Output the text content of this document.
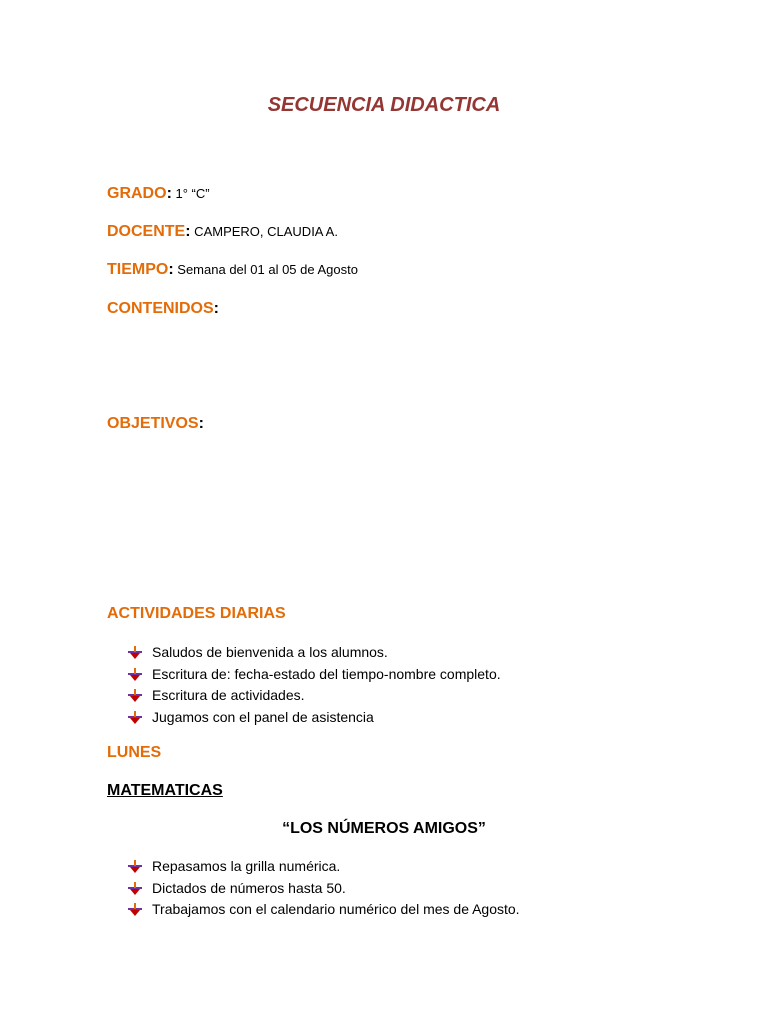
SECUENCIA DIDACTICA
GRADO: 1° “C”
DOCENTE: CAMPERO, CLAUDIA A.
TIEMPO: Semana del 01 al 05 de Agosto
CONTENIDOS:
OBJETIVOS:
ACTIVIDADES DIARIAS
Saludos de bienvenida a los alumnos.
Escritura de: fecha-estado del tiempo-nombre completo.
Escritura de actividades.
Jugamos con el panel de asistencia
LUNES
MATEMATICAS
“LOS NÚMEROS AMIGOS”
Repasamos la grilla numérica.
Dictados de números hasta 50.
Trabajamos con el calendario numérico del mes de Agosto.
